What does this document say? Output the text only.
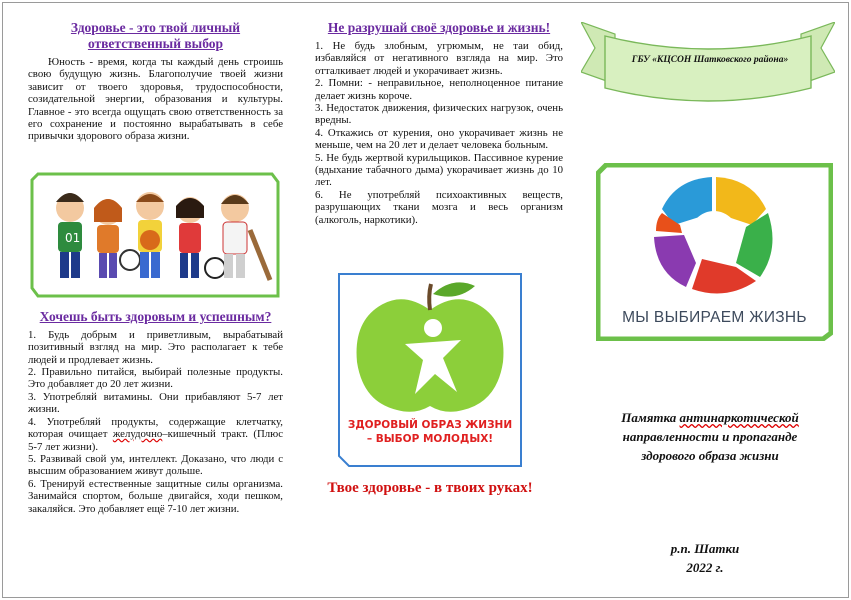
Здоровье - это твой личный ответственный выбор

Юность - время, когда ты каждый день строишь свою будущую жизнь. Благополучие твоей жизни зависит от твоего здоровья, трудоспособности, созидательной энергии, образования и культуры. Главное - это всегда ощущать свою ответственность за его сохранение и постоянно вырабатывать в себе привычки здорового образа жизни.

Хочешь быть здоровым и успешным?
1. Будь добрым и приветливым, вырабатывай позитивный взгляд на мир. Это располагает к тебе людей и продлевает жизнь.
2. Правильно питайся, выбирай полезные продукты. Это добавляет до 20 лет жизни.
3. Употребляй витамины. Они прибавляют 5-7 лет жизни.
4. Употребляй продукты, содержащие клетчатку, которая очищает желудочно–кишечный тракт. (Плюс 5-7 лет жизни).
5. Развивай свой ум, интеллект. Доказано, что люди с высшим образованием живут дольше.
6. Тренируй естественные защитные силы организма. Занимайся спортом, больше двигайся, ходи пешком, закаляйся. Это добавляет ещё 7-10 лет жизни.
01
Не разрушай своё здоровье и жизнь!
1. Не будь злобным, угрюмым, не таи обид, избавляйся от негативного взгляда на мир. Это отталкивает людей и укорачивает жизнь.
2. Помни: - неправильное, неполноценное питание делает жизнь короче.
3. Недостаток движения, физических нагрузок, очень вредны.
4. Откажись от курения, оно укорачивает жизнь не меньше, чем на 20 лет и делает человека больным.
5. Не будь жертвой курильщиков. Пассивное курение (вдыхание табачного дыма) укорачивает жизнь до 10 лет.
6. Не употребляй психоактивных веществ, разрушающих ткани мозга и весь организм (алкоголь, наркотики).
ЗДОРОВЫЙ ОБРАЗ ЖИЗНИ
– ВЫБОР МОЛОДЫХ!
Твое здоровье - в твоих руках!
ГБУ «КЦСОН Шатковского района»
МЫ ВЫБИРАЕМ ЖИЗНЬ
Памятка антинаркотической
направленности и пропаганде
здорового образа жизни
р.п. Шатки
2022 г.
